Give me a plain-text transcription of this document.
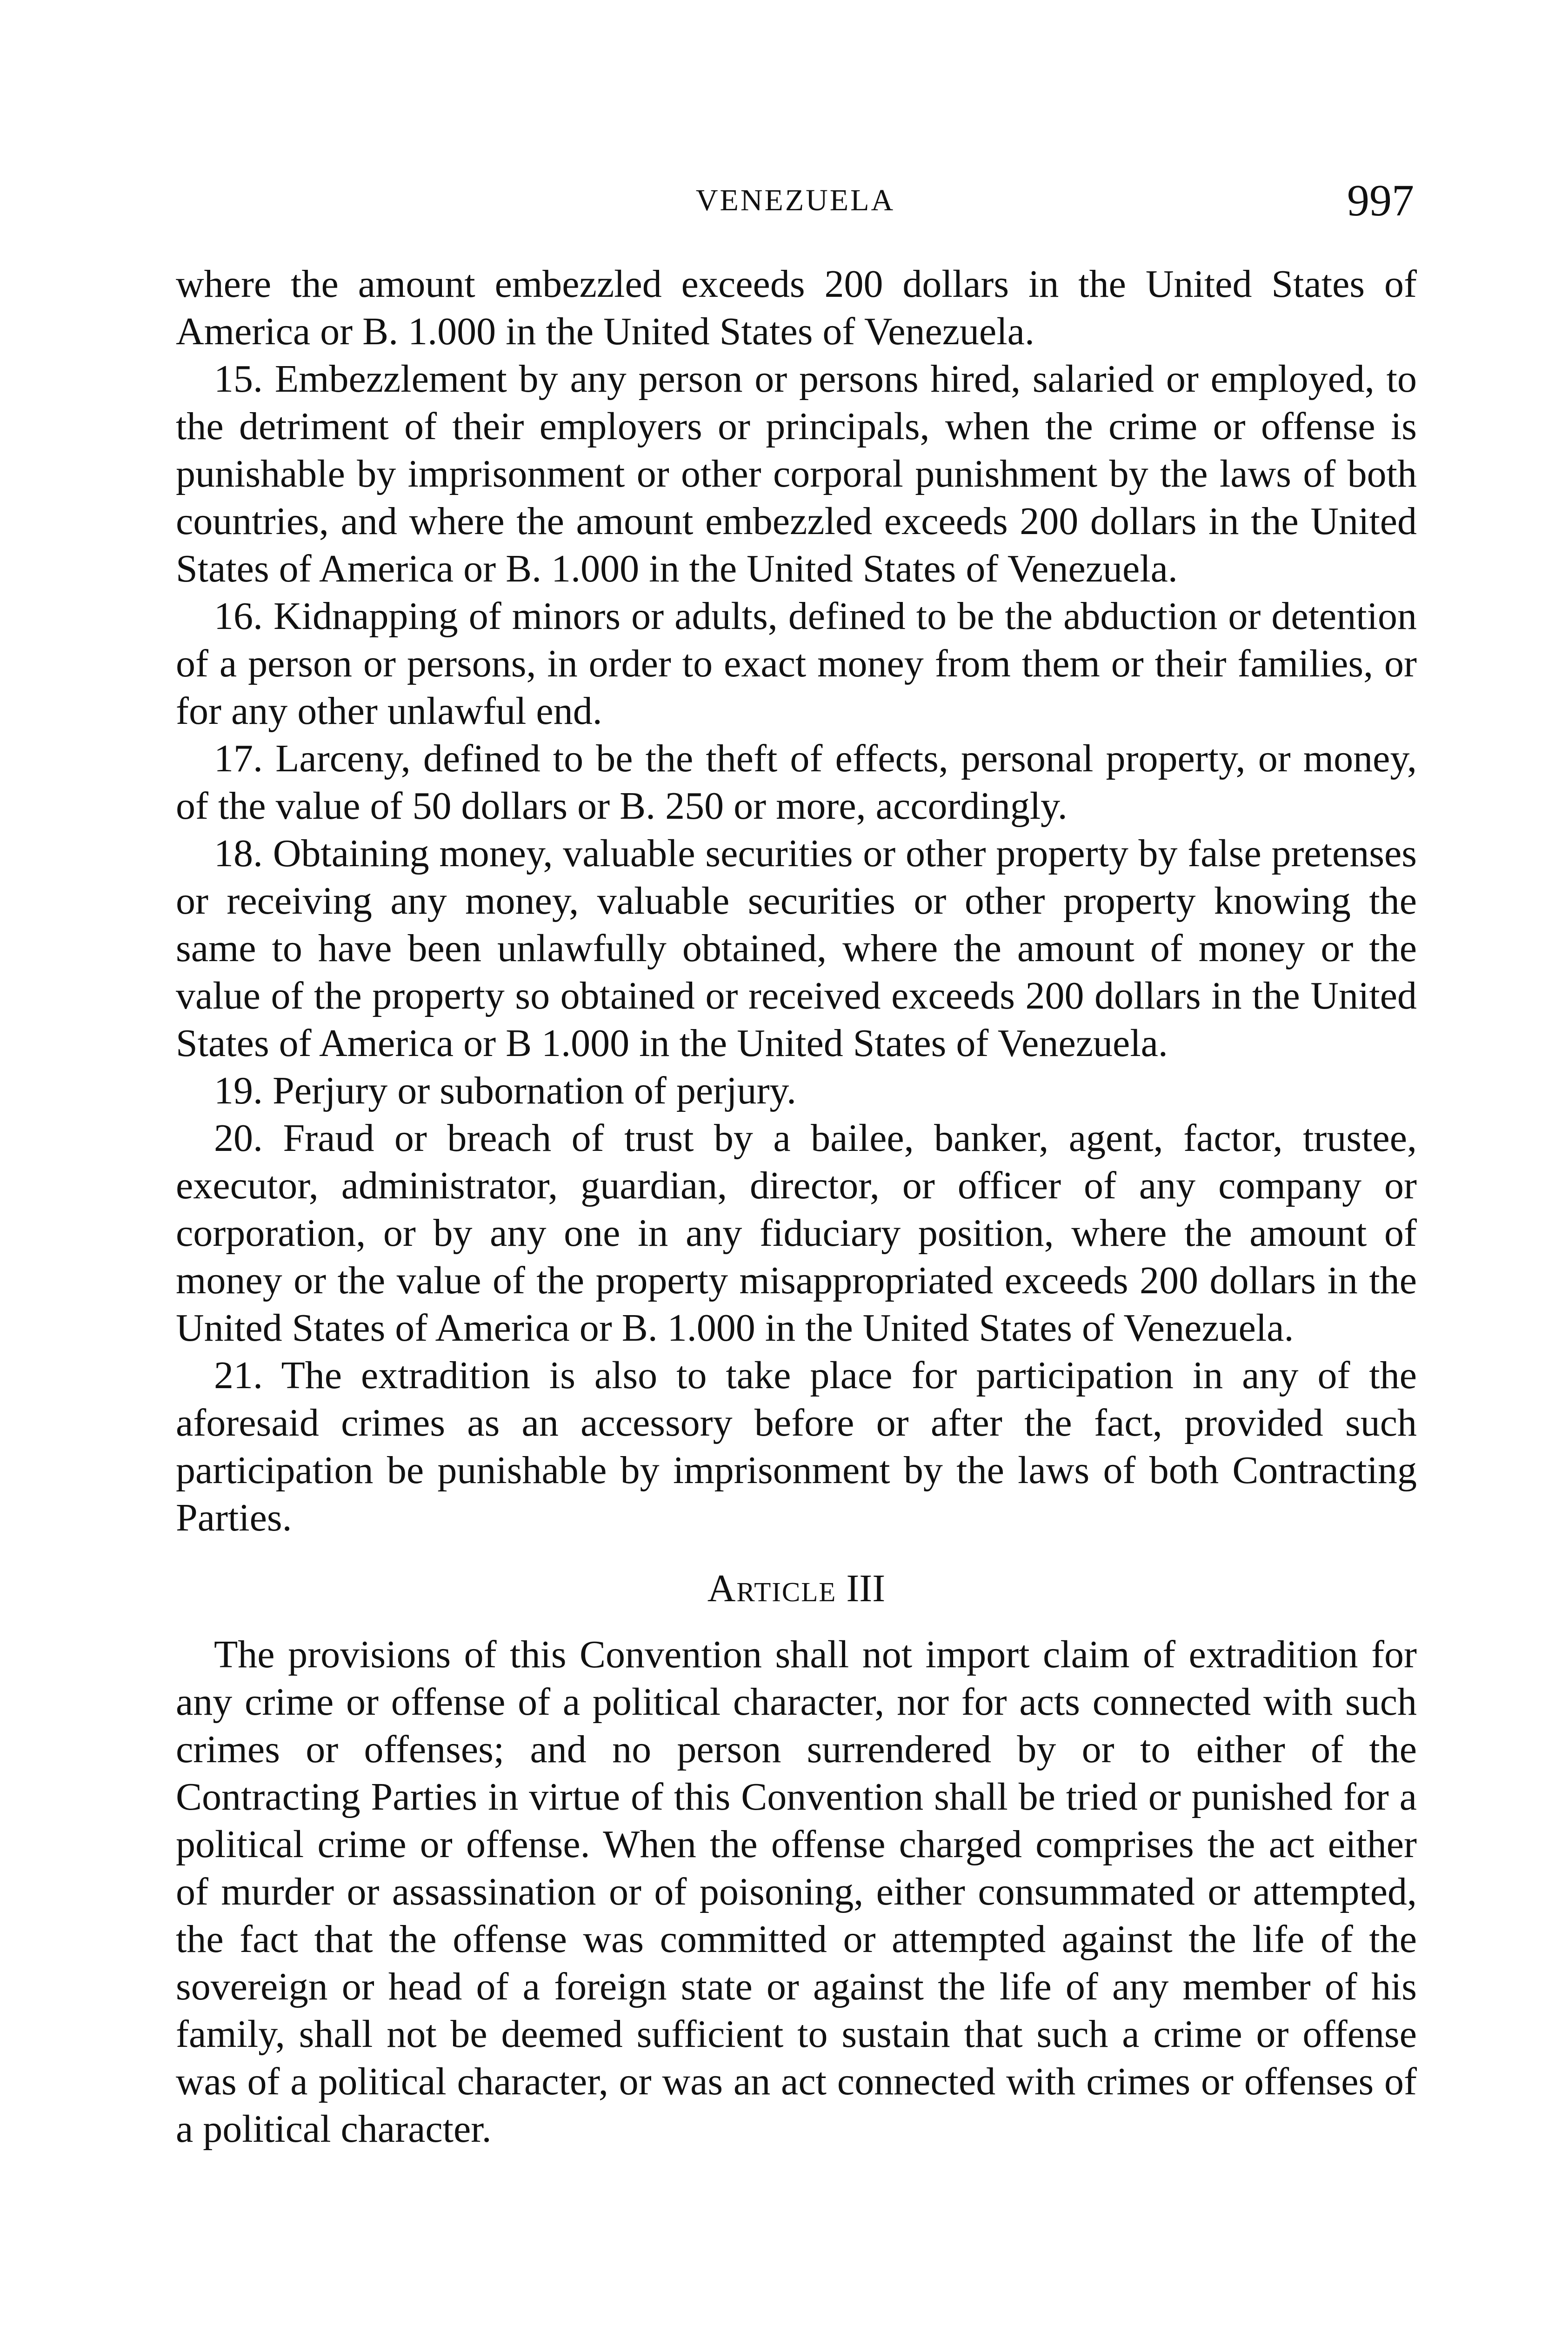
VENEZUELA	997

where the amount embezzled exceeds 200 dollars in the United States of America or B. 1.000 in the United States of Venezuela.

15. Embezzlement by any person or persons hired, salaried or employed, to the detriment of their employers or principals, when the crime or offense is punishable by imprisonment or other corporal punishment by the laws of both countries, and where the amount embezzled exceeds 200 dollars in the United States of America or B. 1.000 in the United States of Venezuela.

16. Kidnapping of minors or adults, defined to be the abduction or detention of a person or persons, in order to exact money from them or their families, or for any other unlawful end.

17. Larceny, defined to be the theft of effects, personal property, or money, of the value of 50 dollars or B. 250 or more, accordingly.

18. Obtaining money, valuable securities or other property by false pretenses or receiving any money, valuable securities or other property knowing the same to have been unlawfully obtained, where the amount of money or the value of the property so obtained or received exceeds 200 dollars in the United States of America or B 1.000 in the United States of Venezuela.

19. Perjury or subornation of perjury.

20. Fraud or breach of trust by a bailee, banker, agent, factor, trustee, executor, administrator, guardian, director, or officer of any company or corporation, or by any one in any fiduciary position, where the amount of money or the value of the property misappropriated exceeds 200 dollars in the United States of America or B. 1.000 in the United States of Venezuela.

21. The extradition is also to take place for participation in any of the aforesaid crimes as an accessory before or after the fact, provided such participation be punishable by imprisonment by the laws of both Contracting Parties.

Article III

The provisions of this Convention shall not import claim of extradition for any crime or offense of a political character, nor for acts connected with such crimes or offenses; and no person surrendered by or to either of the Contracting Parties in virtue of this Convention shall be tried or punished for a political crime or offense. When the offense charged comprises the act either of murder or assassination or of poisoning, either consummated or attempted, the fact that the offense was committed or attempted against the life of the sovereign or head of a foreign state or against the life of any member of his family, shall not be deemed sufficient to sustain that such a crime or offense was of a political character, or was an act connected with crimes or offenses of a political character.
